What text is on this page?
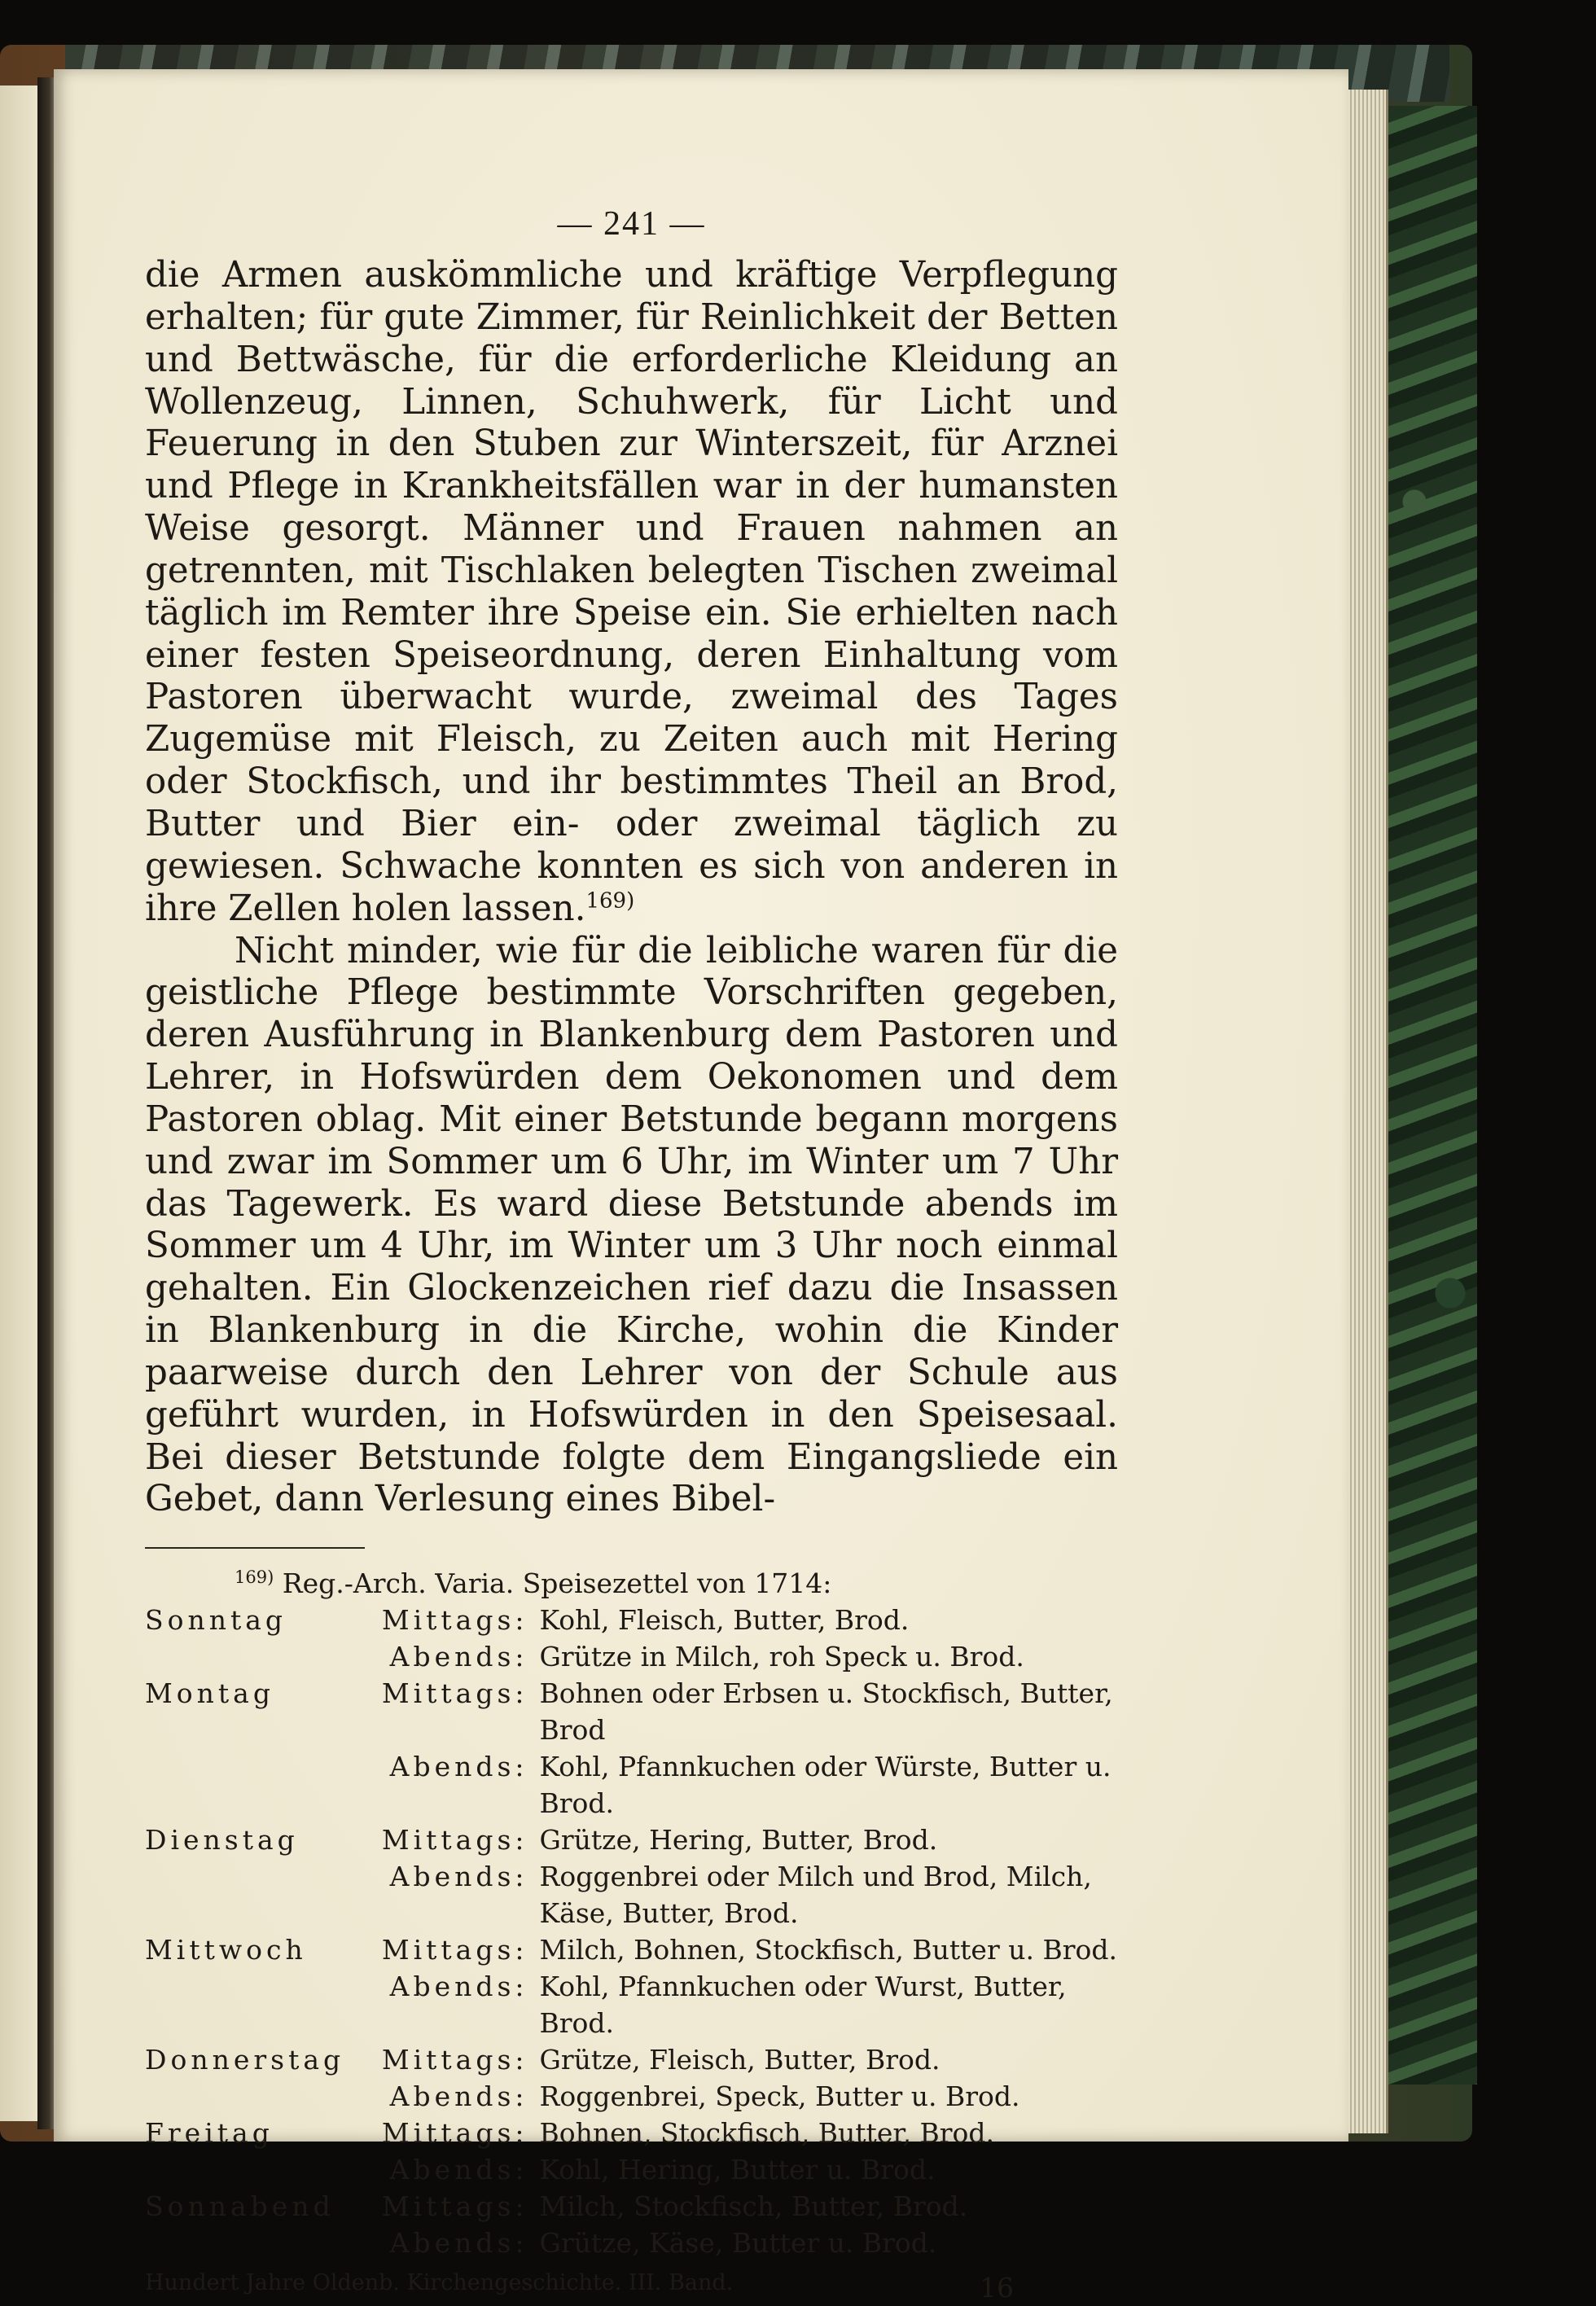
— 241 —

die Armen auskömmliche und kräftige Verpflegung erhalten; für gute Zimmer, für Reinlichkeit der Betten und Bettwäsche, für die erforderliche Kleidung an Wollenzeug, Linnen, Schuhwerk, für Licht und Feuerung in den Stuben zur Winterszeit, für Arznei und Pflege in Krankheitsfällen war in der humansten Weise gesorgt. Männer und Frauen nahmen an getrennten, mit Tischlaken belegten Tischen zweimal täglich im Remter ihre Speise ein. Sie erhielten nach einer festen Speiseordnung, deren Einhaltung vom Pastoren überwacht wurde, zweimal des Tages Zugemüse mit Fleisch, zu Zeiten auch mit Hering oder Stockfisch, und ihr bestimmtes Theil an Brod, Butter und Bier ein- oder zweimal täglich zu gewiesen. Schwache konnten es sich von anderen in ihre Zellen holen lassen.$^{169)}$

Nicht minder, wie für die leibliche waren für die geistliche Pflege bestimmte Vorschriften gegeben, deren Ausführung in Blankenburg dem Pastoren und Lehrer, in Hofswürden dem Oekonomen und dem Pastoren oblag. Mit einer Betstunde begann morgens und zwar im Sommer um 6 Uhr, im Winter um 7 Uhr das Tagewerk. Es ward diese Betstunde abends im Sommer um 4 Uhr, im Winter um 3 Uhr noch einmal gehalten. Ein Glockenzeichen rief dazu die Insassen in Blankenburg in die Kirche, wohin die Kinder paarweise durch den Lehrer von der Schule aus geführt wurden, in Hofswürden in den Speisesaal. Bei dieser Betstunde folgte dem Eingangsliede ein Gebet, dann Verlesung eines Bibel-

$^{169)}$ Reg.-Arch. Varia. Speisezettel von 1714:

Sonntag	Mittags:	Kohl, Fleisch, Butter, Brod.
	Abends:	Grütze in Milch, roh Speck u. Brod.
Montag	Mittags:	Bohnen oder Erbsen u. Stockfisch, Butter, Brod
	Abends:	Kohl, Pfannkuchen oder Würste, Butter u. Brod.
Dienstag	Mittags:	Grütze, Hering, Butter, Brod.
	Abends:	Roggenbrei oder Milch und Brod, Milch, Käse, Butter, Brod.
Mittwoch	Mittags:	Milch, Bohnen, Stockfisch, Butter u. Brod.
	Abends:	Kohl, Pfannkuchen oder Wurst, Butter, Brod.
Donnerstag	Mittags:	Grütze, Fleisch, Butter, Brod.
	Abends:	Roggenbrei, Speck, Butter u. Brod.
Freitag	Mittags:	Bohnen, Stockfisch, Butter, Brod.
	Abends:	Kohl, Hering, Butter u. Brod.
Sonnabend	Mittags:	Milch, Stockfisch, Butter, Brod.
	Abends:	Grütze, Käse, Butter u. Brod.
Hundert Jahre Oldenb. Kirchengeschichte. III. Band.	16
